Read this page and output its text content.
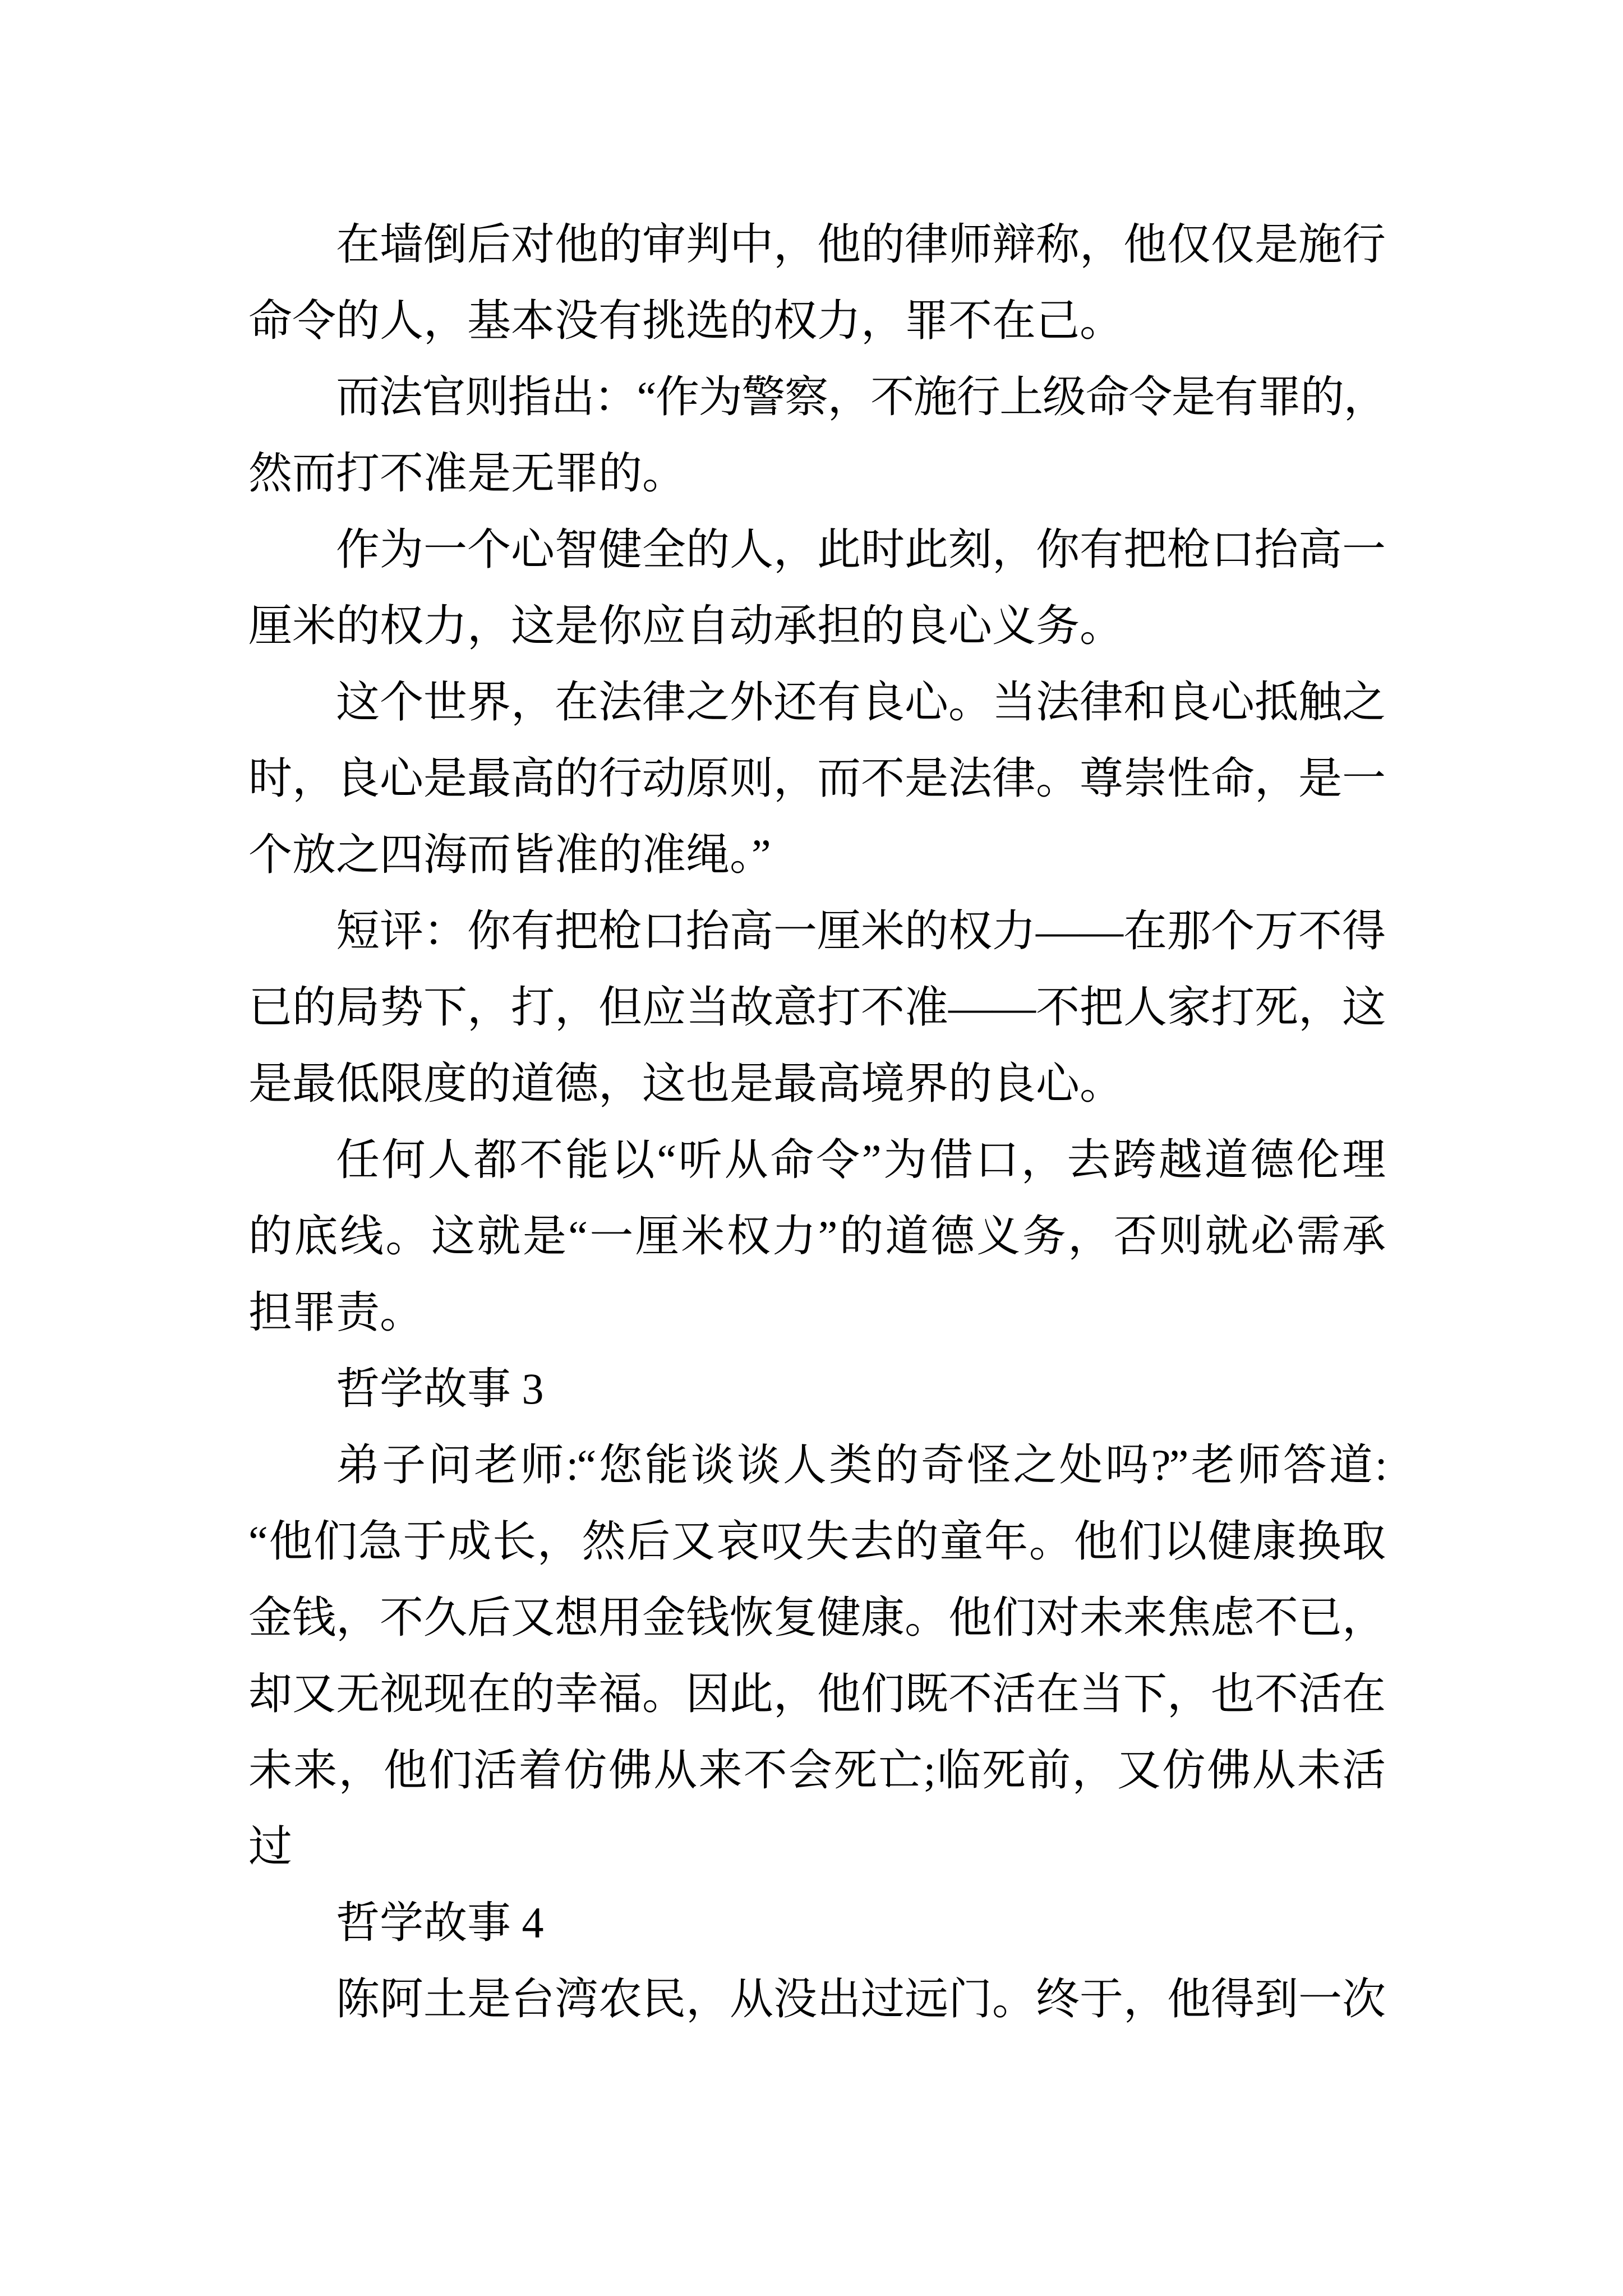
在墙倒后对他的审判中，他的律师辩称，他仅仅是施行
命令的人，基本没有挑选的权力，罪不在己。
而法官则指出：“作为警察，不施行上级命令是有罪的，
然而打不准是无罪的。
作为一个心智健全的人，此时此刻，你有把枪口抬高一
厘米的权力，这是你应自动承担的良心义务。
这个世界，在法律之外还有良心。当法律和良心抵触之
时，良心是最高的行动原则，而不是法律。尊崇性命，是一
个放之四海而皆准的准绳。”
短评：你有把枪口抬高一厘米的权力——在那个万不得
已的局势下，打，但应当故意打不准——不把人家打死，这
是最低限度的道德，这也是最高境界的良心。
任何人都不能以“听从命令”为借口，去跨越道德伦理
的底线。这就是“一厘米权力”的道德义务，否则就必需承
担罪责。
哲学故事 3
弟子问老师:“您能谈谈人类的奇怪之处吗?”老师答道:
“他们急于成长，然后又哀叹失去的童年。他们以健康换取
金钱，不久后又想用金钱恢复健康。他们对未来焦虑不已，
却又无视现在的幸福。因此，他们既不活在当下，也不活在
未来，他们活着仿佛从来不会死亡;临死前，又仿佛从未活
过
哲学故事 4
陈阿土是台湾农民，从没出过远门。终于，他得到一次
